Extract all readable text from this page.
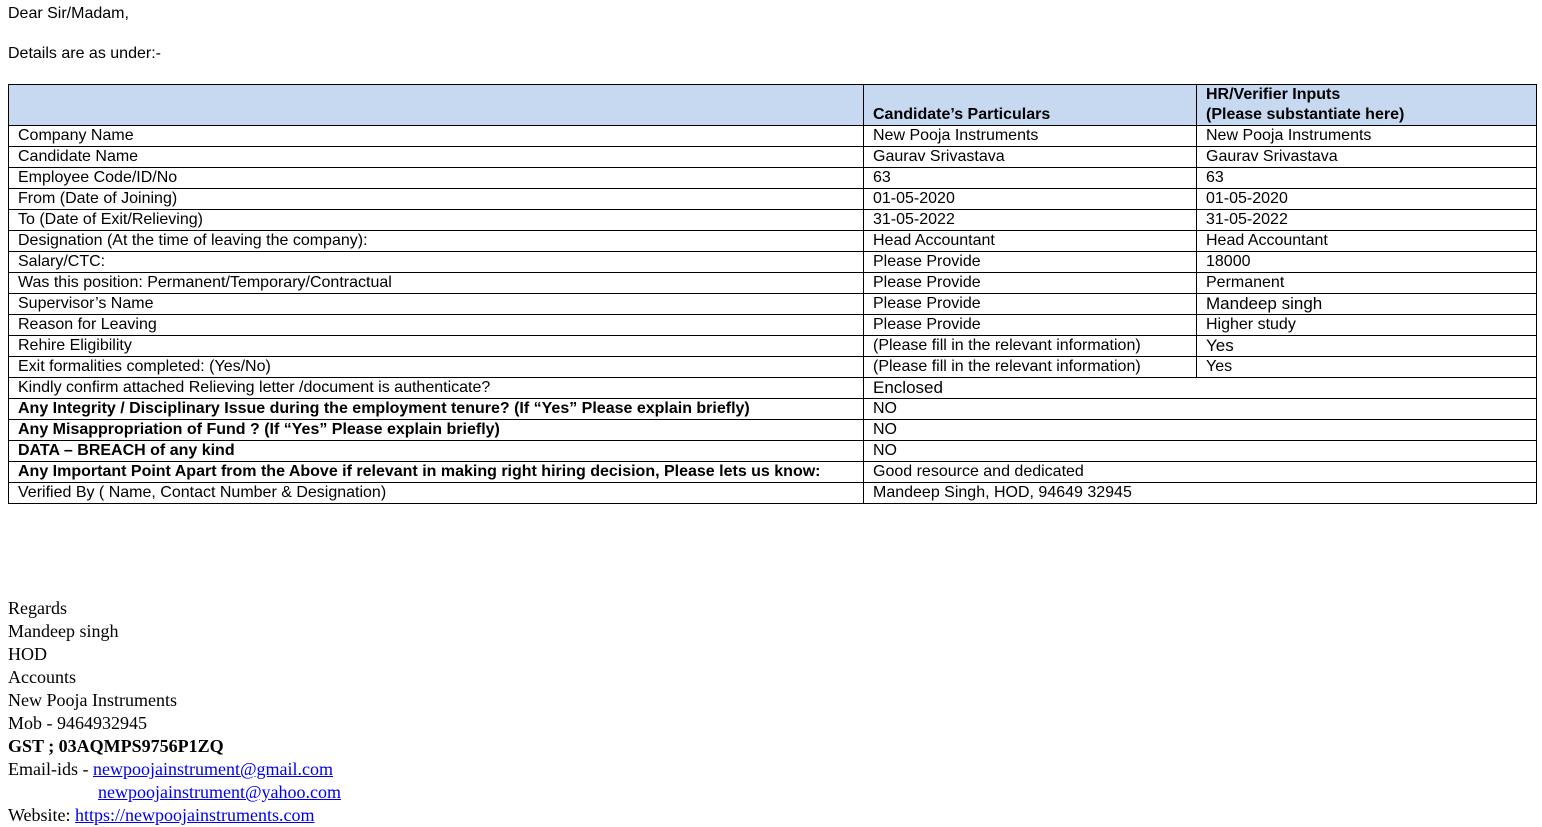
Dear Sir/Madam,
Details are as under:-
	Candidate’s Particulars	HR/Verifier Inputs
(Please substantiate here)

Company Name	New Pooja Instruments	New Pooja Instruments
Candidate Name	Gaurav Srivastava	Gaurav Srivastava
Employee Code/ID/No	63	63
From (Date of Joining)	01-05-2020	01-05-2020
To (Date of Exit/Relieving)	31-05-2022	31-05-2022
Designation (At the time of leaving the company):	Head Accountant	Head Accountant
Salary/CTC:	Please Provide	18000
Was this position: Permanent/Temporary/Contractual	Please Provide	Permanent
Supervisor’s Name	Please Provide	Mandeep singh
Reason for Leaving	Please Provide	Higher study
Rehire Eligibility	(Please fill in the relevant information)	Yes
Exit formalities completed: (Yes/No)	(Please fill in the relevant information)	Yes
Kindly confirm attached Relieving letter /document is authenticate?	Enclosed	
Any Integrity / Disciplinary Issue during the employment tenure? (If “Yes” Please explain briefly)	NO	
Any Misappropriation of Fund ? (If “Yes” Please explain briefly)	NO	
DATA – BREACH of any kind	NO	
Any Important Point Apart from the Above if relevant in making right hiring decision, Please lets us know:	Good resource and dedicated	
Verified By ( Name, Contact Number & Designation)	Mandeep Singh, HOD, 94649 32945	
Regards
Mandeep singh
HOD
Accounts
New Pooja Instruments
Mob - 9464932945
GST ; 03AQMPS9756P1ZQ
Email-ids - newpoojainstrument@gmail.com
newpoojainstrument@yahoo.com
Website: https://newpoojainstruments.com
